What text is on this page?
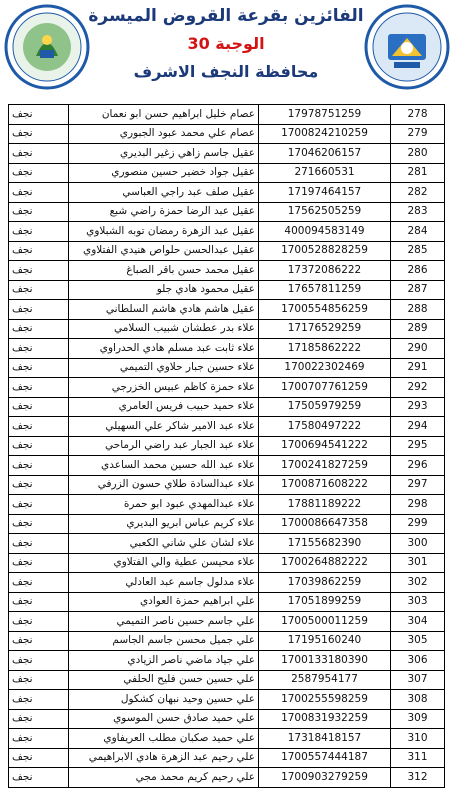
الفائزين بقرعة القروض الميسرة
الوجبة 30
محافظة النجف الاشرف
نجف	عصام خليل ابراهيم حسن ابو نعمان	17978751259	278
نجف	عصام علي محمد عبود الجبوري	1700824210259	279
نجف	عقيل جاسم زاهي زغير البديري	17046206157	280
نجف	عقيل جواد خضير حسين منصوري	271660531	281
نجف	عقيل صلف عبد راجي العباسي	17197464157	282
نجف	عقيل عبد الرضا حمزة راضي شبع	17562505259	283
نجف	عقيل عبد الزهرة رمضان توبه الشبلاوي	400094583149	284
نجف	عقيل عبدالحسن حلواص هنيدي الفتلاوي	1700528828259	285
نجف	عقيل محمد حسن باقر الصباغ	17372086222	286
نجف	عقيل محمود هادي جلو	17657811259	287
نجف	عقيل هاشم هادي هاشم السلطاني	1700554856259	288
نجف	علاء بدر عطشان شبيب السلامي	17176529259	289
نجف	علاء ثابت عبد مسلم هادي الحدراوي	17185862222	290
نجف	علاء حسين جبار حلاوي التميمي	170022302469	291
نجف	علاء حمزة كاظم عبيس الخزرجي	1700707761259	292
نجف	علاء حميد حبيب فريس العامري	17505979259	293
نجف	علاء عبد الامير شاكر علي السهيلي	17580497222	294
نجف	علاء عبد الجبار عبد راضي الرماحي	1700694541222	295
نجف	علاء عبد الله حسين محمد الساعدي	1700241827259	296
نجف	علاء عبدالسادة طلاي حسون الزرفي	1700871608222	297
نجف	علاء عبدالمهدي عبود ابو حمرة	17881189222	298
نجف	علاء كريم عباس ابريو البديري	1700086647358	299
نجف	علاء لشان علي شاني الكعبي	17155682390	300
نجف	علاء محيسن عطية والي الفتلاوي	1700264882222	301
نجف	علاء مدلول جاسم عبد العادلي	17039862259	302
نجف	علي ابراهيم حمزة العوادي	17051899259	303
نجف	علي جاسم حسين ناصر التميمي	1700500011259	304
نجف	علي جميل محسن جاسم الجاسم	17195160240	305
نجف	علي جياد ماضي ناصر الزيادي	1700133180390	306
نجف	علي حسين حسن فليح الحلفي	2587954177	307
نجف	علي حسين وحيد نبهان كشكول	1700255598259	308
نجف	علي حميد صادق حسن الموسوي	1700831932259	309
نجف	علي حميد صكبان مطلب العريفاوي	17318418157	310
نجف	علي رحيم عبد الزهرة هادي الابراهيمي	1700557444187	311
نجف	علي رحيم كريم محمد مجي	1700903279259	312
